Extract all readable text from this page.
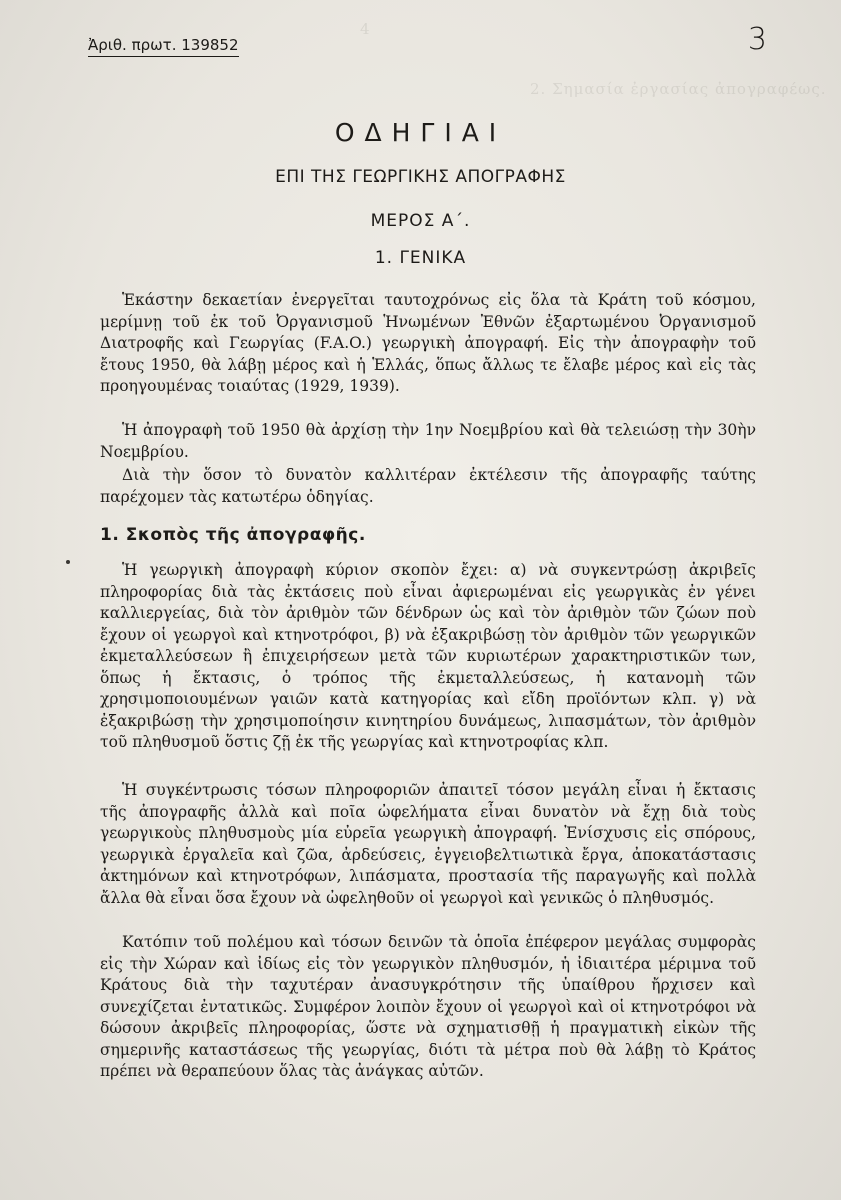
4
2. Σημασία ἐργασίας ἀπογραφέως.
Ἀριθ. πρωτ. 139852	3
ΟΔΗΓΙΑΙ
ΕΠΙ ΤΗΣ ΓΕΩΡΓΙΚΗΣ ΑΠΟΓΡΑΦΗΣ
ΜΕΡΟΣ Α΄.
1. ΓΕΝΙΚΑ

Ἑκάστην δεκαετίαν ἐνεργεῖται ταυτοχρόνως εἰς ὅλα τὰ Κράτη τοῦ κόσμου, μερίμνῃ τοῦ ἐκ τοῦ Ὀργανισμοῦ Ἡνωμένων Ἐθνῶν ἐξαρτωμένου Ὀργανισμοῦ Διατροφῆς καὶ Γεωργίας (F.A.O.) γεωργικὴ ἀπογραφή. Εἰς τὴν ἀπογραφὴν τοῦ ἔτους 1950, θὰ λάβῃ μέρος καὶ ἡ Ἑλλάς, ὅπως ἄλλως τε ἔλαβε μέρος καὶ εἰς τὰς προηγουμένας τοιαύτας (1929, 1939).

Ἡ ἀπογραφὴ τοῦ 1950 θὰ ἀρχίσῃ τὴν 1ην Νοεμβρίου καὶ θὰ τελειώσῃ τὴν 30ὴν Νοεμβρίου.

Διὰ τὴν ὅσον τὸ δυνατὸν καλλιτέραν ἐκτέλεσιν τῆς ἀπογραφῆς ταύτης παρέχομεν τὰς κατωτέρω ὁδηγίας.

1. Σκοπὸς τῆς ἀπογραφῆς.

Ἡ γεωργικὴ ἀπογραφὴ κύριον σκοπὸν ἔχει: α) νὰ συγκεντρώσῃ ἀκριβεῖς πληροφορίας διὰ τὰς ἐκτάσεις ποὺ εἶναι ἀφιερωμέναι εἰς γεωργικὰς ἐν γένει καλλιεργείας, διὰ τὸν ἀριθμὸν τῶν δένδρων ὡς καὶ τὸν ἀριθμὸν τῶν ζώων ποὺ ἔχουν οἱ γεωργοὶ καὶ κτηνοτρόφοι, β) νὰ ἐξακριβώσῃ τὸν ἀριθμὸν τῶν γεωργικῶν ἐκμεταλλεύσεων ἢ ἐπιχειρήσεων μετὰ τῶν κυριωτέρων χαρακτηριστικῶν των, ὅπως ἡ ἔκτασις, ὁ τρόπος τῆς ἐκμεταλλεύσεως, ἡ κατανομὴ τῶν χρησιμοποιουμένων γαιῶν κατὰ κατηγορίας καὶ εἴδη προϊόντων κλπ. γ) νὰ ἐξακριβώσῃ τὴν χρησιμοποίησιν κινητηρίου δυνάμεως, λιπασμάτων, τὸν ἀριθμὸν τοῦ πληθυσμοῦ ὅστις ζῇ ἐκ τῆς γεωργίας καὶ κτηνοτροφίας κλπ.

Ἡ συγκέντρωσις τόσων πληροφοριῶν ἀπαιτεῖ τόσον μεγάλη εἶναι ἡ ἔκτασις τῆς ἀπογραφῆς ἀλλὰ καὶ ποῖα ὠφελήματα εἶναι δυνατὸν νὰ ἔχῃ διὰ τοὺς γεωργικοὺς πληθυσμοὺς μία εὐρεῖα γεωργικὴ ἀπογραφή. Ἐνίσχυσις εἰς σπόρους, γεωργικὰ ἐργαλεῖα καὶ ζῶα, ἀρδεύσεις, ἐγγειοβελτιωτικὰ ἔργα, ἀποκατάστασις ἀκτημόνων καὶ κτηνοτρόφων, λιπάσματα, προστασία τῆς παραγωγῆς καὶ πολλὰ ἄλλα θὰ εἶναι ὅσα ἔχουν νὰ ὠφεληθοῦν οἱ γεωργοὶ καὶ γενικῶς ὁ πληθυσμός.

Κατόπιν τοῦ πολέμου καὶ τόσων δεινῶν τὰ ὁποῖα ἐπέφερον μεγάλας συμφορὰς εἰς τὴν Χώραν καὶ ἰδίως εἰς τὸν γεωργικὸν πληθυσμόν, ἡ ἰδιαιτέρα μέριμνα τοῦ Κράτους διὰ τὴν ταχυτέραν ἀνασυγκρότησιν τῆς ὑπαίθρου ἤρχισεν καὶ συνεχίζεται ἐντατικῶς. Συμφέρον λοιπὸν ἔχουν οἱ γεωργοὶ καὶ οἱ κτηνοτρόφοι νὰ δώσουν ἀκριβεῖς πληροφορίας, ὥστε νὰ σχηματισθῇ ἡ πραγματικὴ εἰκὼν τῆς σημερινῆς καταστάσεως τῆς γεωργίας, διότι τὰ μέτρα ποὺ θὰ λάβῃ τὸ Κράτος πρέπει νὰ θεραπεύουν ὅλας τὰς ἀνάγκας αὐτῶν.
